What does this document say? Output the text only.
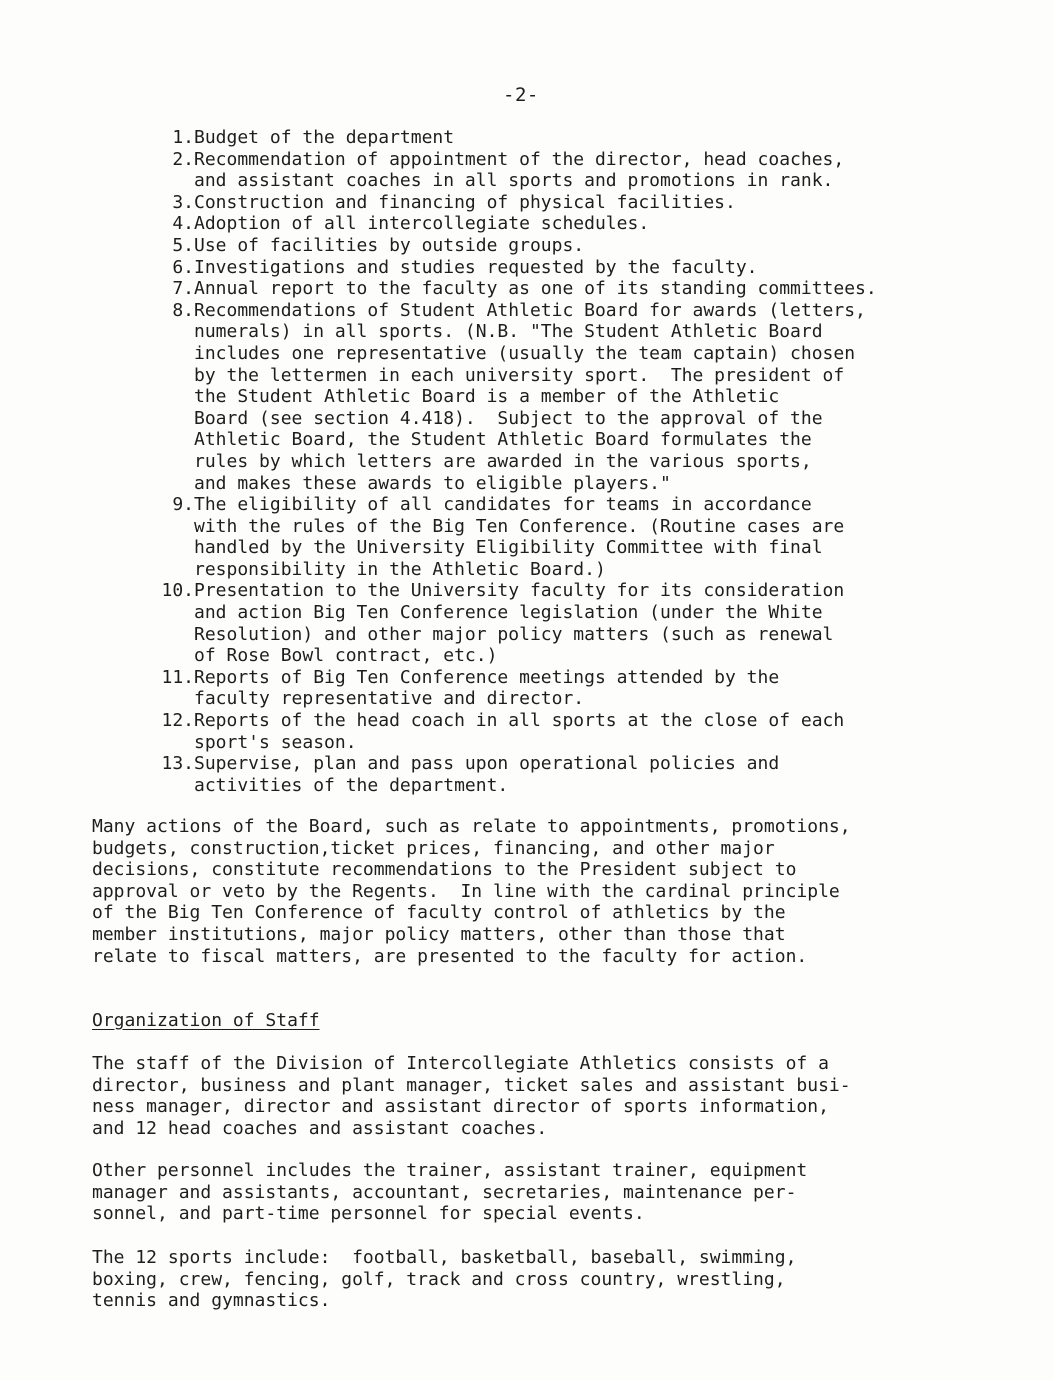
-2-
1. Budget of the department
2. Recommendation of appointment of the director, head coaches,
and assistant coaches in all sports and promotions in rank.
3. Construction and financing of physical facilities.
4. Adoption of all intercollegiate schedules.
5. Use of facilities by outside groups.
6. Investigations and studies requested by the faculty.
7. Annual report to the faculty as one of its standing committees.
8. Recommendations of Student Athletic Board for awards (letters,
numerals) in all sports. (N.B. "The Student Athletic Board
includes one representative (usually the team captain) chosen
by the lettermen in each university sport.  The president of
the Student Athletic Board is a member of the Athletic
Board (see section 4.418).  Subject to the approval of the
Athletic Board, the Student Athletic Board formulates the
rules by which letters are awarded in the various sports,
and makes these awards to eligible players."
9. The eligibility of all candidates for teams in accordance
with the rules of the Big Ten Conference. (Routine cases are
handled by the University Eligibility Committee with final
responsibility in the Athletic Board.)
10. Presentation to the University faculty for its consideration
and action Big Ten Conference legislation (under the White
Resolution) and other major policy matters (such as renewal
of Rose Bowl contract, etc.)
11. Reports of Big Ten Conference meetings attended by the
faculty representative and director.
12. Reports of the head coach in all sports at the close of each
sport's season.
13. Supervise, plan and pass upon operational policies and
activities of the department.
Many actions of the Board, such as relate to appointments, promotions,
budgets, construction,ticket prices, financing, and other major
decisions, constitute recommendations to the President subject to
approval or veto by the Regents.  In line with the cardinal principle
of the Big Ten Conference of faculty control of athletics by the
member institutions, major policy matters, other than those that
relate to fiscal matters, are presented to the faculty for action.
Organization of Staff
The staff of the Division of Intercollegiate Athletics consists of a
director, business and plant manager, ticket sales and assistant busi-
ness manager, director and assistant director of sports information,
and 12 head coaches and assistant coaches.
Other personnel includes the trainer, assistant trainer, equipment
manager and assistants, accountant, secretaries, maintenance per-
sonnel, and part-time personnel for special events.
The 12 sports include:  football, basketball, baseball, swimming,
boxing, crew, fencing, golf, track and cross country, wrestling,
tennis and gymnastics.
